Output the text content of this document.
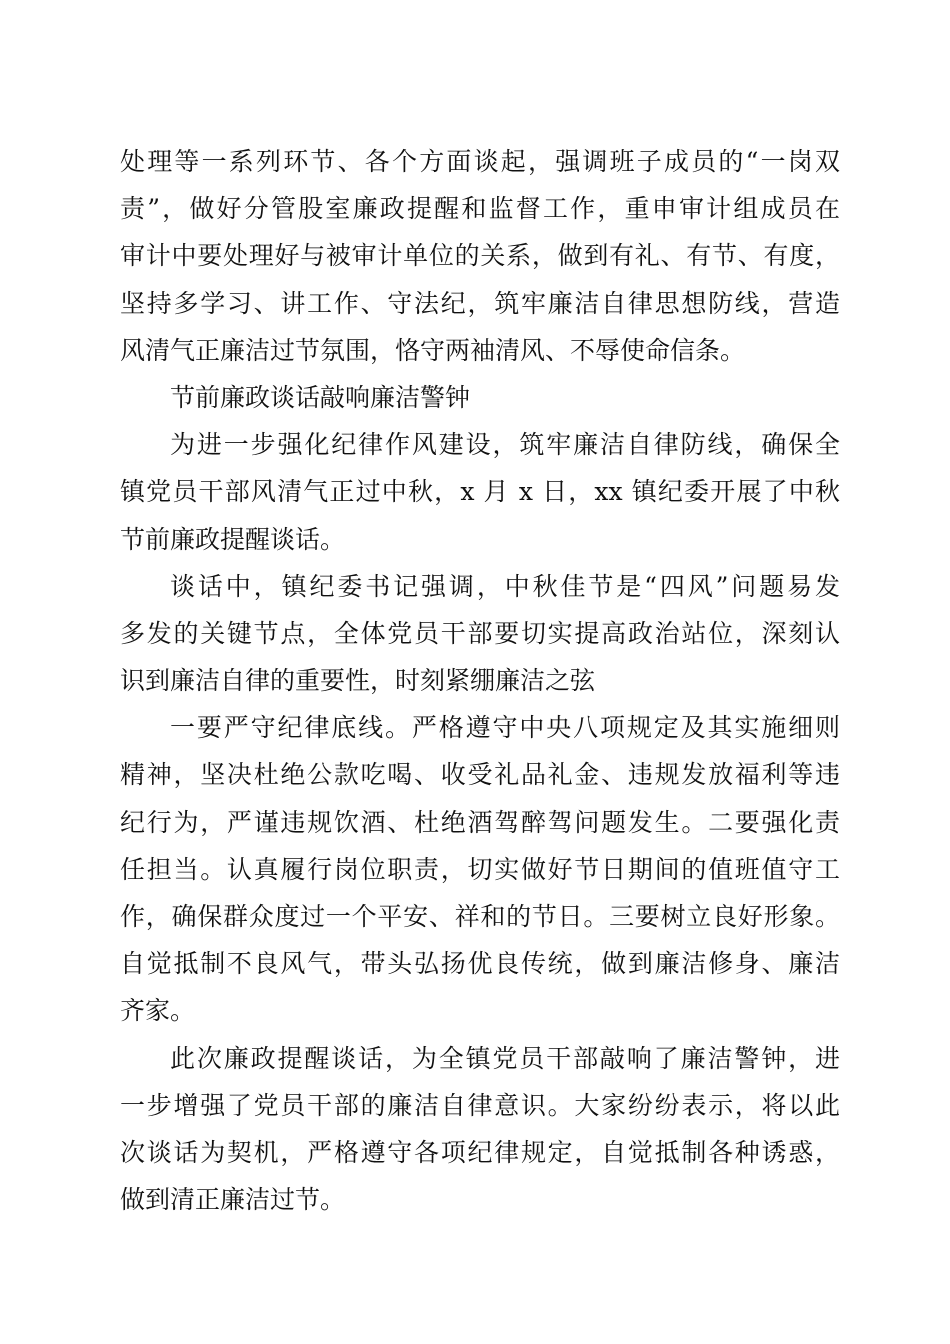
处理等一系列环节、各个方面谈起，强调班子成员的“一岗双
责”，做好分管股室廉政提醒和监督工作，重申审计组成员在
审计中要处理好与被审计单位的关系，做到有礼、有节、有度，
坚持多学习、讲工作、守法纪，筑牢廉洁自律思想防线，营造
风清气正廉洁过节氛围，恪守两袖清风、不辱使命信条。
节前廉政谈话敲响廉洁警钟
为进一步强化纪律作风建设，筑牢廉洁自律防线，确保全
镇党员干部风清气正过中秋，x 月 x 日，xx 镇纪委开展了中秋
节前廉政提醒谈话。
谈话中，镇纪委书记强调，中秋佳节是“四风”问题易发
多发的关键节点，全体党员干部要切实提高政治站位，深刻认
识到廉洁自律的重要性，时刻紧绷廉洁之弦
一要严守纪律底线。严格遵守中央八项规定及其实施细则
精神，坚决杜绝公款吃喝、收受礼品礼金、违规发放福利等违
纪行为，严谨违规饮酒、杜绝酒驾醉驾问题发生。二要强化责
任担当。认真履行岗位职责，切实做好节日期间的值班值守工
作，确保群众度过一个平安、祥和的节日。三要树立良好形象。
自觉抵制不良风气，带头弘扬优良传统，做到廉洁修身、廉洁
齐家。
此次廉政提醒谈话，为全镇党员干部敲响了廉洁警钟，进
一步增强了党员干部的廉洁自律意识。大家纷纷表示，将以此
次谈话为契机，严格遵守各项纪律规定，自觉抵制各种诱惑，
做到清正廉洁过节。
